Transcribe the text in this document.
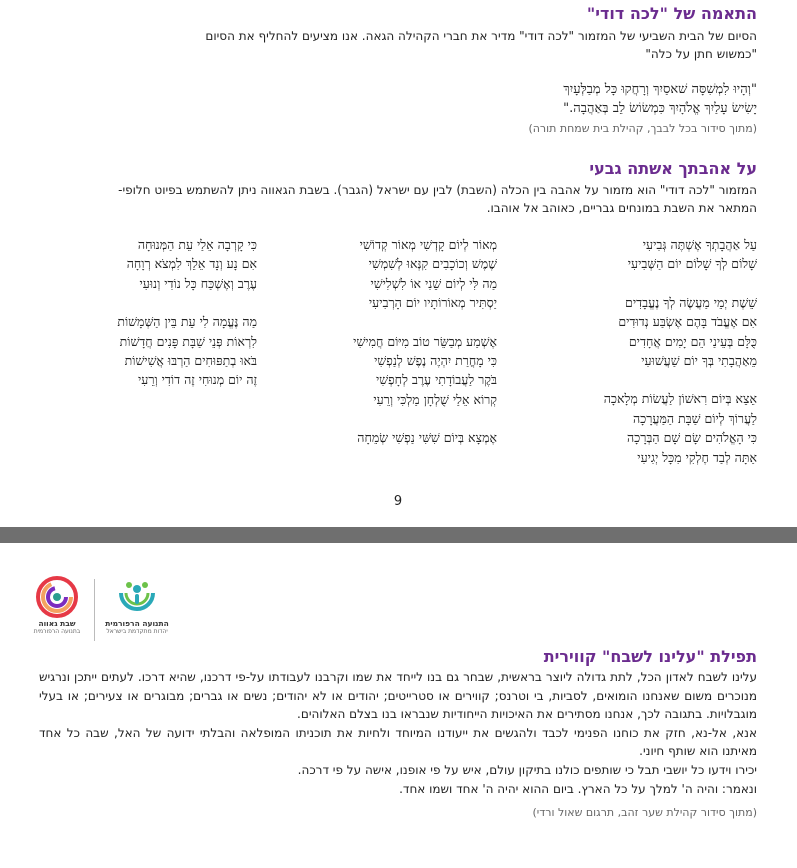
התאמה של "לכה דודי"
הסיום של הבית השביעי של המזמור "לכה דודי" מדיר את חברי הקהילה הגאה. אנו מציעים להחליף את הסיום
"כמשוש חתן על כלה"
"וְהָיוּ לִמְשִׁסָּה שׁאסַיִךְ וְרָחֲקוּ כָּל מְבַלְּעָיִךְ
יָשִׂישׂ עָלַיִךְ אֱלֹהָיִךְ כִּמְשׂוֹשׂ לֵב בְּאַהֲבָה."
(מתוך סידור בכל לבבך, קהילת בית שמחת תורה)
על אהבתך אשתה גבעי
המזמור "לכה דודי" הוא מזמור על אהבה בין הכלה (השבת) לבין עם ישראל (הגבר). בשבת הגאווה ניתן להשתמש בפיוט חלופי-
המתאר את השבת במונחים גבריים, כאוהב אל אוהבו.
עַל אַהֲבָתְךָ אֶשְׁתֶּה גְּבִיעִי
שָׁלוֹם לְךָ שָׁלוֹם יוֹם הַשְּׁבִיעִי
שֵׁשֶׁת יְמֵי מַעֲשֶׂה לְךָ נֶעֱבָדִים
אִם אֶעֱבֹד בָּהֶם אֶשְׂבַּע נְדוּדִים
כֻּלָּם בְּעֵינַי הֵם יָמִים אֲחָדִים
מֵאַהֲבָתִי בְּךָ יוֹם שַׁעֲשׁוּעִי
אֵצֵא בְּיוֹם רִאשׁוֹן לַעֲשׂוֹת מְלָאכָה
לַעֲרוֹךְ לְיוֹם שַׁבָּת הַמַּעֲרָכָה
כִּי הָאֱלֹהִים שָׂם שָׁם הַבְּרָכָה
אַתָּה לְבַד חֶלְקִי מִכָּל יְגִיעִי
מְאוֹר לְיוֹם קָדְשִׁי מְאוֹר קְדוֹשִׁי
שֶׁמֶשׁ וְכוֹכָבִים קִנְּאוּ לְשִׁמְשִׁי
מַה לִּי לְיוֹם שֵׁנִי אוֹ לִשְׁלִישִׁי
יַסְתִּיר מְאוֹרוֹתָיו יוֹם הָרְבִיעִי
אֶשְׁמַע מְבַשֵּׂר טוֹב מִיּוֹם חֲמִישִׁי
כִּי מָחֳרַת יִהְיֶה נֶפֶשׁ לְנַפְשִׁי
בֹּקֶר לַעֲבוֹדָתִי עֶרֶב לְחָפְשִׁי
קְרוֹא אֵלַי שֻׁלְחָן מַלְכִּי וְרֵעִי
אֶמְצָא בְּיוֹם שִׁשִּׁי נַפְשִׁי שְׂמֵחָה
כִּי קָרְבָה אֵלַי עֵת הַמְּנוּחָה
אִם נָע וְנָד אֵלֵךְ לִמְצֹא רְוָחָה
עֶרֶב וְאֶשְׁכַּח כָּל נוֹדִי וְנוּעִי
מַה נֶּעֱמָה לִי עֵת בֵּין הַשְּׁמָשׁוֹת
לִרְאוֹת פְּנֵי שַׁבָּת פָּנִים חֲדָשׁוֹת
בֹּאוּ בְתַפּוּחִים הַרְבּוּ אֲשִׁישׁוֹת
זֶה יוֹם מְנוּחִי זֶה דוֹדִי וְרֵעִי
9
שבת גאווה
בתנועה הרפורמית
התנועה הרפורמית
יהדות מתקדמת בישראל
תפילת "עלינו לשבח" קווירית

עלינו לשבח לאדון הכל, לתת גדולה ליוצר בראשית, שבחר גם בנו לייחד את שמו וקרבנו לעבודתו על-פי דרכנו, שהיא דרכו. לעתים ייתכן ונרגיש מנוכרים משום שאנחנו הומואים, לסביות, בי וטרנס; קווירים או סטרייטים; יהודים או לא יהודים; נשים או גברים; מבוגרים או צעירים; או בעלי מוגבלויות. בתגובה לכך, אנחנו מסתירים את האיכויות הייחודיות שנבראו בנו בצלם האלוהים.

אנא, אל-נא, חזק את כוחנו הפנימי לכבד ולהגשים את ייעודנו המיוחד ולחיות את תוכניתו המופלאה והבלתי ידועה של האל, שבה כל אחד מאיתנו הוא שותף חיוני.

יכירו וידעו כל יושבי תבל כי שותפים כולנו בתיקון עולם, איש על פי אופנו, אישה על פי דרכה.

ונאמר: והיה ה' למלך על כל הארץ. ביום ההוא יהיה ה' אחד ושמו אחד.

(מתוך סידור קהילת שער זהב, תרגום שאול ורדי)
